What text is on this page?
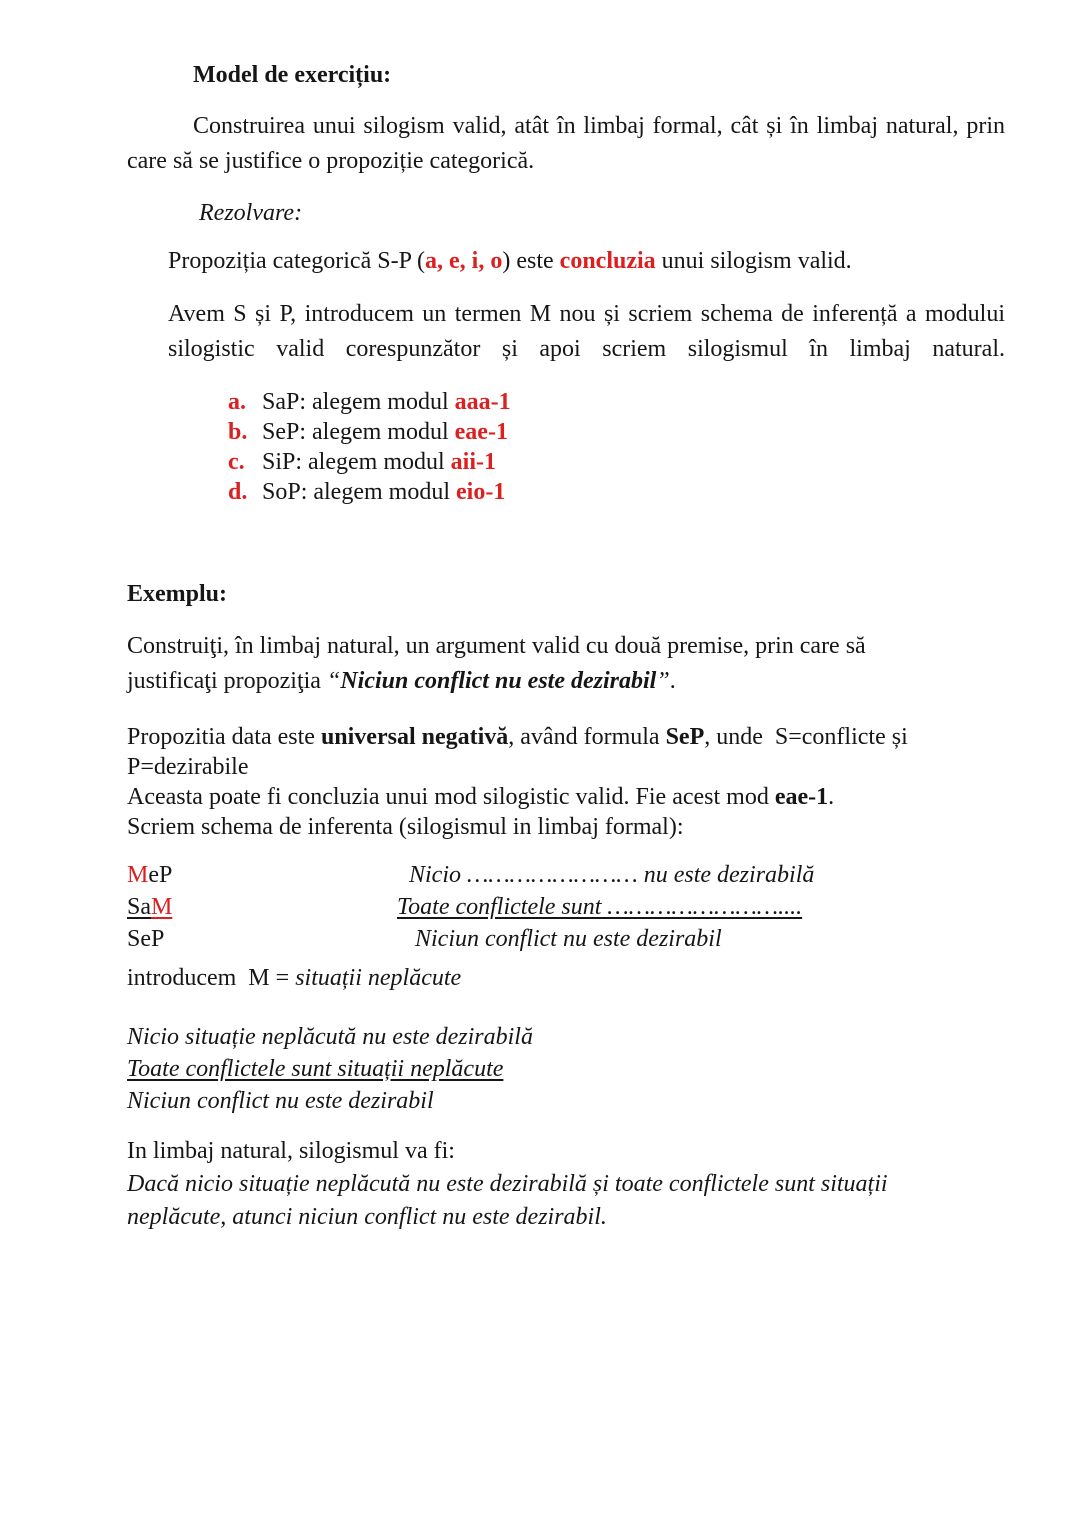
Model de exercițiu:
Construirea unui silogism valid, atât în limbaj formal, cât și în limbaj natural, prin care să se justifice o propoziție categorică.
Rezolvare:
Propoziția categorică S-P (a, e, i, o) este concluzia unui silogism valid.
Avem S și P, introducem un termen M nou și scriem schema de inferență a modului silogistic valid corespunzător și apoi scriem silogismul în limbaj natural.
a. SaP: alegem modul aaa-1
b. SeP: alegem modul eae-1
c. SiP: alegem modul aii-1
d. SoP: alegem modul eio-1
Exemplu:
Construiţi, în limbaj natural, un argument valid cu două premise, prin care să
justificaţi propoziţia “Niciun conflict nu este dezirabil”.
Propozitia data este universal negativă, având formula SeP, unde  S=conflicte și
P=dezirabile
Aceasta poate fi concluzia unui mod silogistic valid. Fie acest mod eae-1.
Scriem schema de inferenta (silogismul in limbaj formal):
MeP	Nicio …………………… nu este dezirabilă
SaM	Toate conflictele sunt ……………………....
SeP	Niciun conflict nu este dezirabil
introducem  M = situații neplăcute
Nicio situație neplăcută nu este dezirabilă
Toate conflictele sunt situații neplăcute
Niciun conflict nu este dezirabil
In limbaj natural, silogismul va fi:
Dacă nicio situație neplăcută nu este dezirabilă și toate conflictele sunt situații
neplăcute, atunci niciun conflict nu este dezirabil.
